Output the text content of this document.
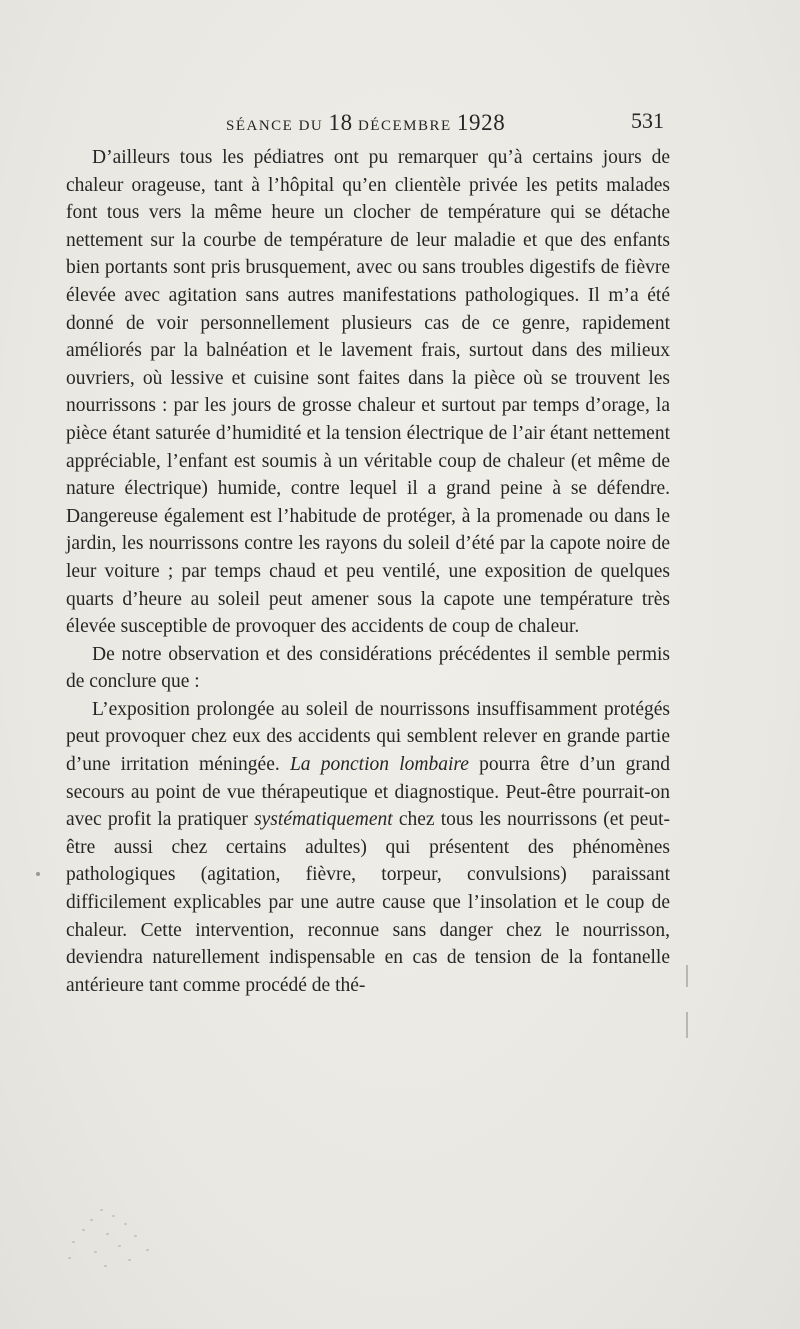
SÉANCE DU 18 DÉCEMBRE 1928	531

D’ailleurs tous les pédiatres ont pu remarquer qu’à certains jours de chaleur orageuse, tant à l’hôpital qu’en clientèle privée les petits malades font tous vers la même heure un clocher de température qui se détache nettement sur la courbe de température de leur maladie et que des enfants bien portants sont pris brusquement, avec ou sans troubles digestifs de fièvre élevée avec agitation sans autres manifestations pathologiques. Il m’a été donné de voir personnellement plusieurs cas de ce genre, rapidement améliorés par la balnéation et le lavement frais, surtout dans des milieux ouvriers, où lessive et cuisine sont faites dans la pièce où se trouvent les nourrissons : par les jours de grosse chaleur et surtout par temps d’orage, la pièce étant saturée d’humidité et la tension électrique de l’air étant nettement appréciable, l’enfant est soumis à un véritable coup de chaleur (et même de nature électrique) humide, contre lequel il a grand peine à se défendre. Dangereuse également est l’habitude de protéger, à la promenade ou dans le jardin, les nourrissons contre les rayons du soleil d’été par la capote noire de leur voiture ; par temps chaud et peu ventilé, une exposition de quelques quarts d’heure au soleil peut amener sous la capote une température très élevée susceptible de provoquer des accidents de coup de chaleur.

De notre observation et des considérations précédentes il semble permis de conclure que :

L’exposition prolongée au soleil de nourrissons insuffisamment protégés peut provoquer chez eux des accidents qui semblent relever en grande partie d’une irritation méningée. La ponction lombaire pourra être d’un grand secours au point de vue thérapeutique et diagnostique. Peut-être pourrait-on avec profit la pratiquer systématiquement chez tous les nourrissons (et peut-être aussi chez certains adultes) qui présentent des phénomènes pathologiques (agitation, fièvre, torpeur, convulsions) paraissant difficilement explicables par une autre cause que l’insolation et le coup de chaleur. Cette intervention, reconnue sans danger chez le nourrisson, deviendra naturellement indispensable en cas de tension de la fontanelle antérieure tant comme procédé de thé-
